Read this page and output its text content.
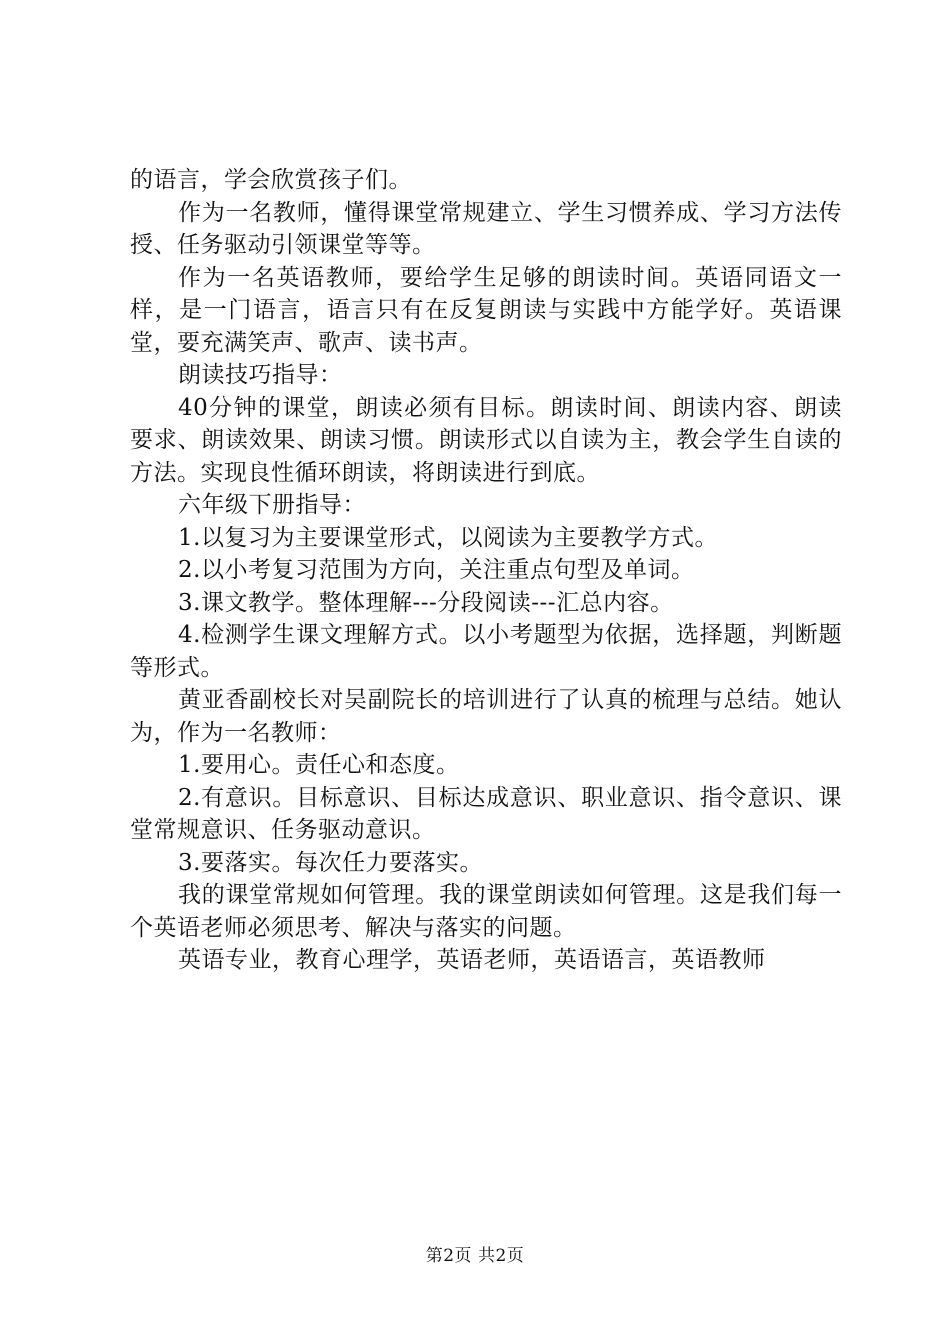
的语言，学会欣赏孩子们。

作为一名教师，懂得课堂常规建立、学生习惯养成、学习方法传授、任务驱动引领课堂等等。

作为一名英语教师，要给学生足够的朗读时间。英语同语文一样，是一门语言，语言只有在反复朗读与实践中方能学好。英语课堂，要充满笑声、歌声、读书声。

朗读技巧指导：

40分钟的课堂，朗读必须有目标。朗读时间、朗读内容、朗读要求、朗读效果、朗读习惯。朗读形式以自读为主，教会学生自读的方法。实现良性循环朗读，将朗读进行到底。

六年级下册指导：

1.以复习为主要课堂形式，以阅读为主要教学方式。

2.以小考复习范围为方向，关注重点句型及单词。

3.课文教学。整体理解---分段阅读---汇总内容。

4.检测学生课文理解方式。以小考题型为依据，选择题，判断题等形式。

黄亚香副校长对吴副院长的培训进行了认真的梳理与总结。她认为，作为一名教师：

1.要用心。责任心和态度。

2.有意识。目标意识、目标达成意识、职业意识、指令意识、课堂常规意识、任务驱动意识。

3.要落实。每次任力要落实。

我的课堂常规如何管理。我的课堂朗读如何管理。这是我们每一个英语老师必须思考、解决与落实的问题。

英语专业，教育心理学，英语老师，英语语言，英语教师

第2页 共2页
